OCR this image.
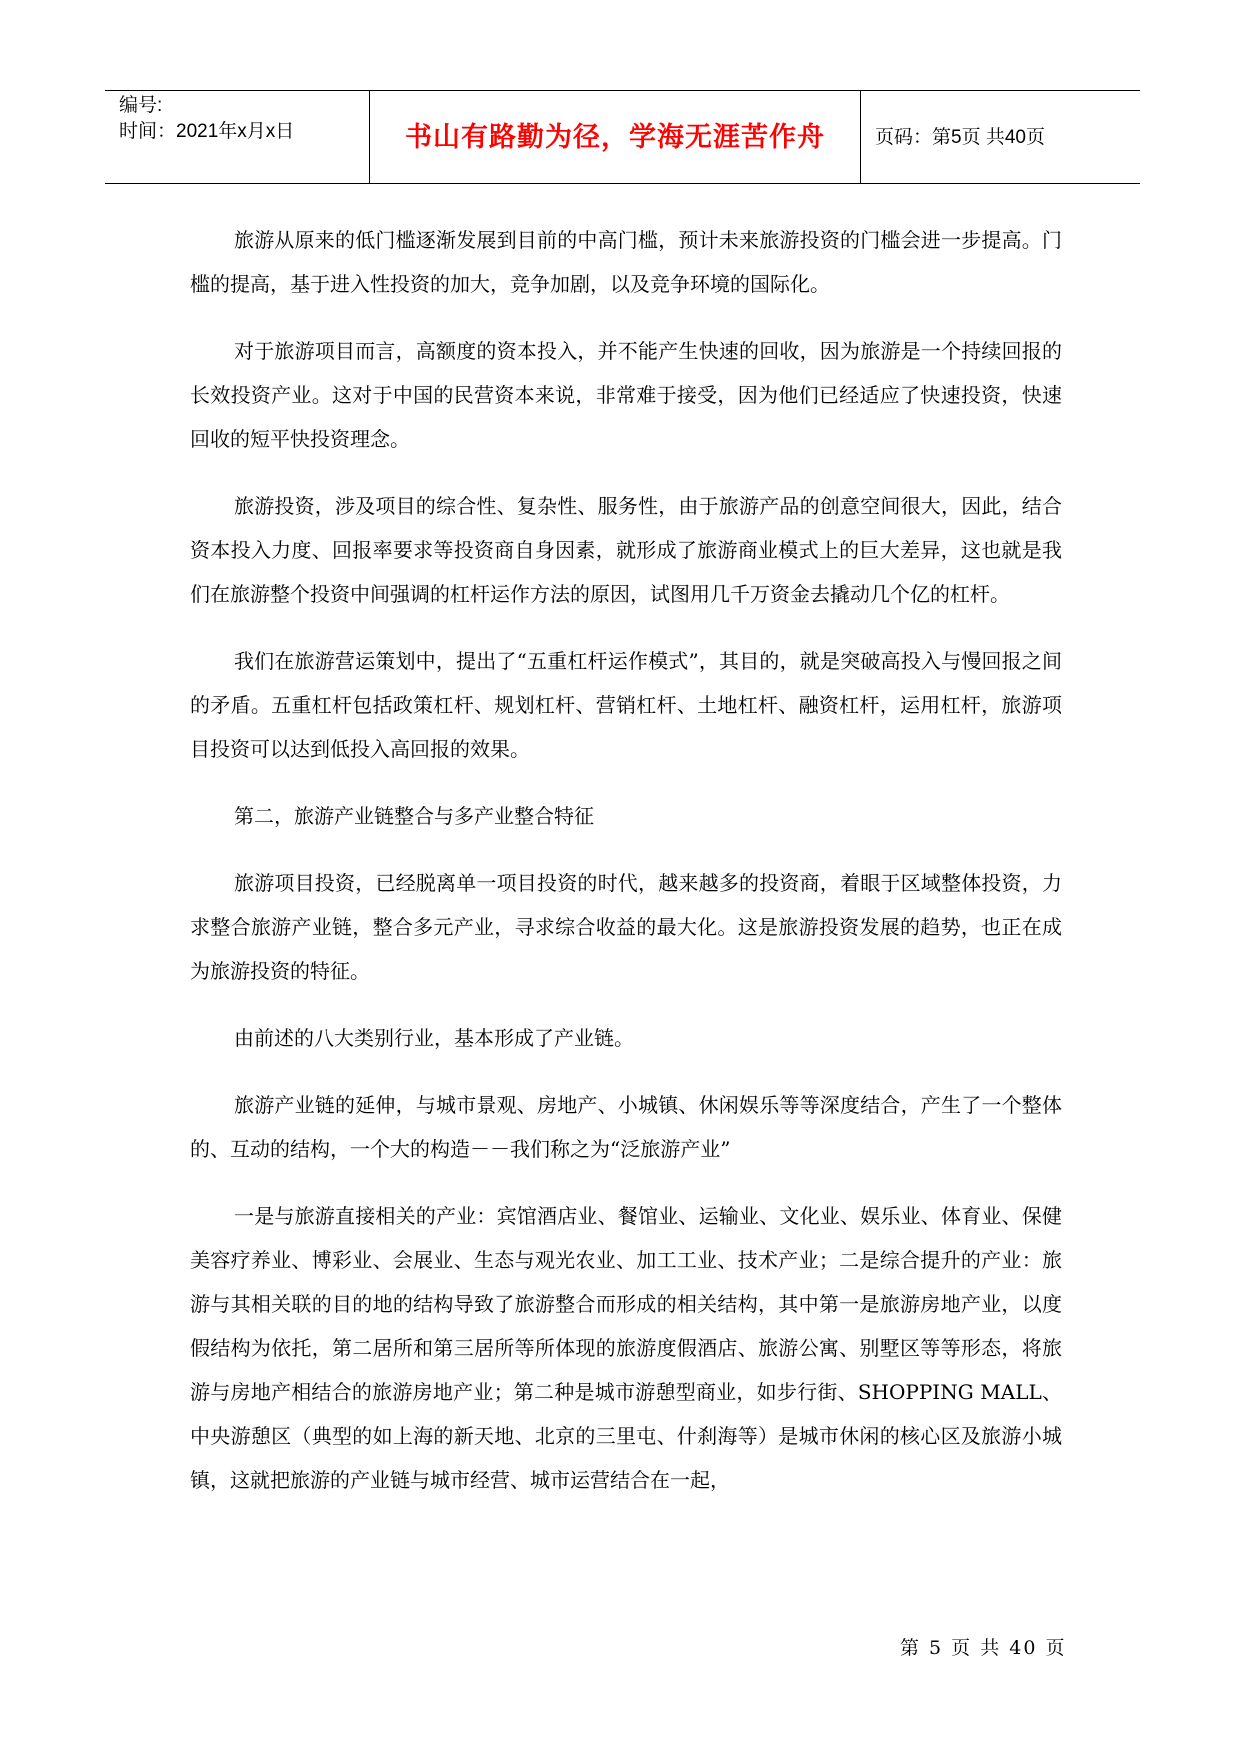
编号:
时间：2021年x月x日	书山有路勤为径，学海无涯苦作舟	页码：第5页 共40页

旅游从原来的低门槛逐渐发展到目前的中高门槛，预计未来旅游投资的门槛会进一步提高。门槛的提高，基于进入性投资的加大，竞争加剧，以及竞争环境的国际化。

对于旅游项目而言，高额度的资本投入，并不能产生快速的回收，因为旅游是一个持续回报的长效投资产业。这对于中国的民营资本来说，非常难于接受，因为他们已经适应了快速投资，快速回收的短平快投资理念。

旅游投资，涉及项目的综合性、复杂性、服务性，由于旅游产品的创意空间很大，因此，结合资本投入力度、回报率要求等投资商自身因素，就形成了旅游商业模式上的巨大差异，这也就是我们在旅游整个投资中间强调的杠杆运作方法的原因，试图用几千万资金去撬动几个亿的杠杆。

我们在旅游营运策划中，提出了“五重杠杆运作模式”，其目的，就是突破高投入与慢回报之间的矛盾。五重杠杆包括政策杠杆、规划杠杆、营销杠杆、土地杠杆、融资杠杆，运用杠杆，旅游项目投资可以达到低投入高回报的效果。

第二，旅游产业链整合与多产业整合特征

旅游项目投资，已经脱离单一项目投资的时代，越来越多的投资商，着眼于区域整体投资，力求整合旅游产业链，整合多元产业，寻求综合收益的最大化。这是旅游投资发展的趋势，也正在成为旅游投资的特征。

由前述的八大类别行业，基本形成了产业链。

旅游产业链的延伸，与城市景观、房地产、小城镇、休闲娱乐等等深度结合，产生了一个整体的、互动的结构，一个大的构造－－我们称之为“泛旅游产业”

一是与旅游直接相关的产业：宾馆酒店业、餐馆业、运输业、文化业、娱乐业、体育业、保健美容疗养业、博彩业、会展业、生态与观光农业、加工工业、技术产业；二是综合提升的产业：旅游与其相关联的目的地的结构导致了旅游整合而形成的相关结构，其中第一是旅游房地产业，以度假结构为依托，第二居所和第三居所等所体现的旅游度假酒店、旅游公寓、别墅区等等形态，将旅游与房地产相结合的旅游房地产业；第二种是城市游憩型商业，如步行街、SHOPPING MALL、中央游憩区（典型的如上海的新天地、北京的三里屯、什刹海等）是城市休闲的核心区及旅游小城镇，这就把旅游的产业链与城市经营、城市运营结合在一起，

第 5 页 共 40 页
